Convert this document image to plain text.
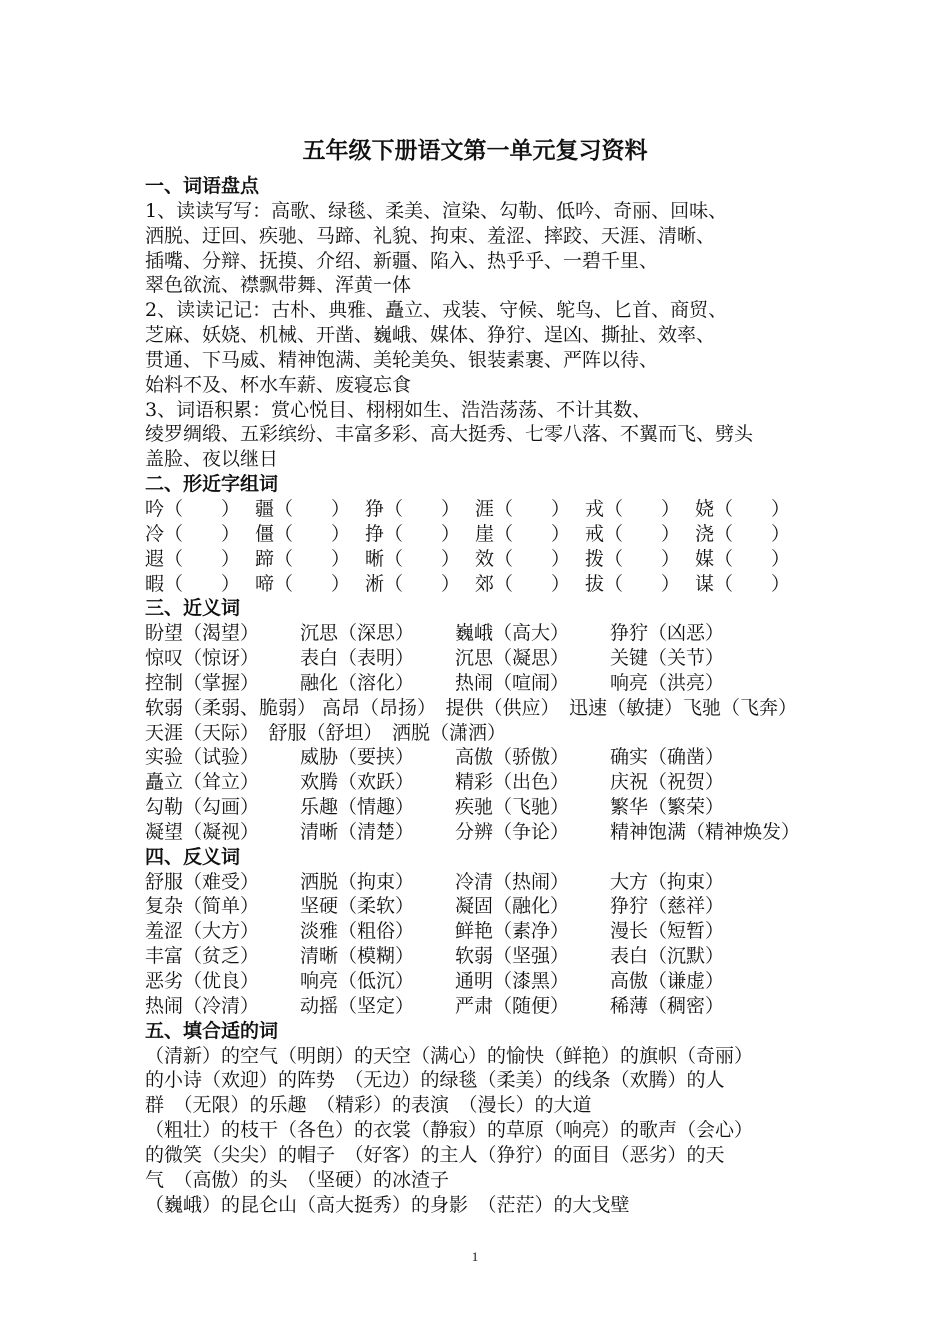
五年级下册语文第一单元复习资料
一、词语盘点
1、读读写写：高歌、绿毯、柔美、渲染、勾勒、低吟、奇丽、回味、
洒脱、迂回、疾驰、马蹄、礼貌、拘束、羞涩、摔跤、天涯、清晰、
插嘴、分辩、抚摸、介绍、新疆、陷入、热乎乎、一碧千里、
翠色欲流、襟飘带舞、浑黄一体
2、读读记记：古朴、典雅、矗立、戎装、守候、鸵鸟、匕首、商贸、
芝麻、妖娆、机械、开凿、巍峨、媒体、狰狞、逞凶、撕扯、效率、
贯通、下马威、精神饱满、美轮美奂、银装素裹、严阵以待、
始料不及、杯水车薪、废寝忘食
3、词语积累：赏心悦目、栩栩如生、浩浩荡荡、不计其数、
绫罗绸缎、五彩缤纷、丰富多彩、高大挺秀、七零八落、不翼而飞、劈头
盖脸、夜以继日
二、形近字组词
吟（　　） 疆（　　） 狰（　　） 涯（　　） 戎（　　） 娆（　　）
冷（　　） 僵（　　） 挣（　　） 崖（　　） 戒（　　） 浇（　　）
遐（　　） 蹄（　　） 晰（　　） 效（　　） 拨（　　） 媒（　　）
暇（　　） 啼（　　） 淅（　　） 郊（　　） 拔（　　） 谋（　　）
三、近义词
盼望（渴望）	沉思（深思）	巍峨（高大）	狰狞（凶恶）
惊叹（惊讶）	表白（表明）	沉思（凝思）	关键（关节）
控制（掌握）	融化（溶化）	热闹（喧闹）	响亮（洪亮）
软弱（柔弱、脆弱） 高昂（昂扬）　提供（供应）　迅速（敏捷）飞驰（飞奔）　天涯（天际）　舒服（舒坦）　洒脱（潇洒）
实验（试验）	威胁（要挟）	高傲（骄傲）	确实（确凿）
矗立（耸立）	欢腾（欢跃）	精彩（出色）	庆祝（祝贺）
勾勒（勾画）	乐趣（情趣）	疾驰（飞驰）	繁华（繁荣）
凝望（凝视）	清晰（清楚）	分辨（争论）	精神饱满（精神焕发）
四、反义词
舒服（难受）	洒脱（拘束）	冷清（热闹）	大方（拘束）
复杂（简单）	坚硬（柔软）	凝固（融化）	狰狞（慈祥）
羞涩（大方）	淡雅（粗俗）	鲜艳（素净）	漫长（短暂）
丰富（贫乏）	清晰（模糊）	软弱（坚强）	表白（沉默）
恶劣（优良）	响亮（低沉）	通明（漆黑）	高傲（谦虚）
热闹（冷清）	动摇（坚定）	严肃（随便）	稀薄（稠密）
五、填合适的词
（清新）的空气（明朗）的天空（满心）的愉快（鲜艳）的旗帜（奇丽）
的小诗（欢迎）的阵势　（无边）的绿毯（柔美）的线条（欢腾）的人
群　（无限）的乐趣　（精彩）的表演　（漫长）的大道
（粗壮）的枝干（各色）的衣裳（静寂）的草原（响亮）的歌声（会心）
的微笑（尖尖）的帽子　（好客）的主人（狰狞）的面目（恶劣）的天
气　（高傲）的头　（坚硬）的冰渣子
（巍峨）的昆仑山（高大挺秀）的身影　（茫茫）的大戈壁
1
